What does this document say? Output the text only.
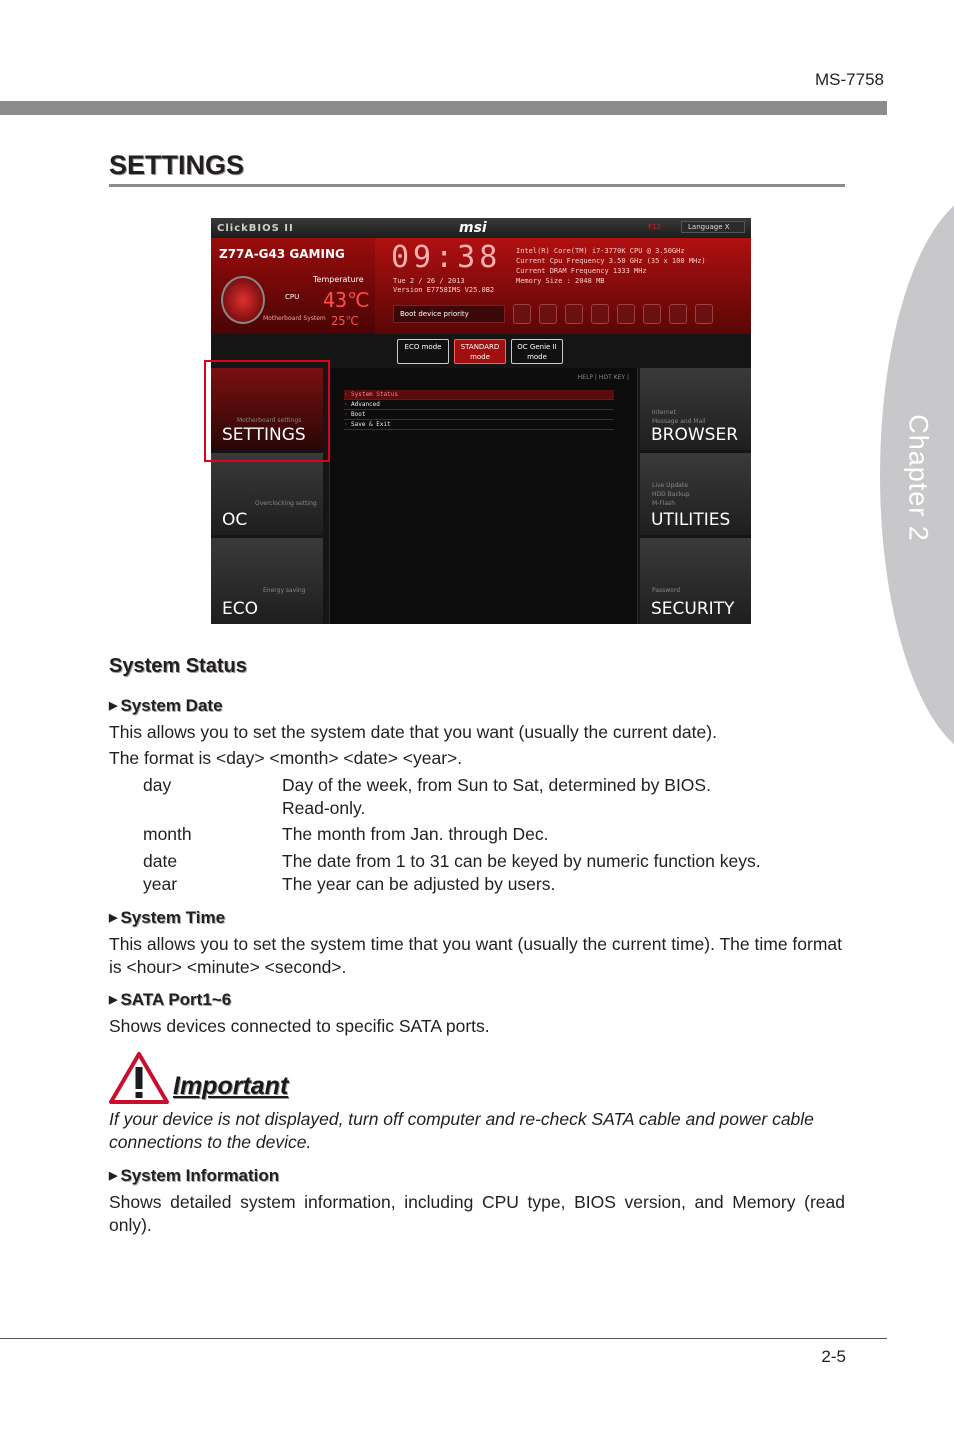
MS-7758
Chapter 2
SETTINGS
ClickBIOS II	msi	F12	Language X
Z77A-G43 GAMING
Temperature
CPU 43℃
25℃
Motherboard System
09:38
Tue 2 / 26 / 2013
Version E7758IMS V25.0B2
Intel(R) Core(TM) i7-3770K CPU @ 3.50GHz
Current Cpu Frequency 3.50 GHz (35 x 100 MHz)
Current DRAM Frequency 1333 MHz
Memory Size : 2048 MB
Boot device priority
ECO mode	STANDARD mode
OC Genie II mode
HELP | HOT KEY |
› System Status
› Advanced
› Boot
› Save & Exit
Motherboard settings
SETTINGS
Overclocking setting
OC
Energy saving
ECO
Internet
Message and Mail
BROWSER
Live Update
HDD Backup
M-Flash
UTILITIES
Password
SECURITY
System Status
▶ System Date
This allows you to set the system date that you want (usually the current date).
The format is <day> <month> <date> <year>.
day	Day of the week, from Sun to Sat, determined by BIOS.
Read-only.
month	The month from Jan. through Dec.
date	The date from 1 to 31 can be keyed by numeric function keys.
year	The year can be adjusted by users.
▶ System Time
This allows you to set the system time that you want (usually the current time). The time format is <hour> <minute> <second>.
▶ SATA Port1~6
Shows devices connected to specific SATA ports.
Important
If your device is not displayed, turn off computer and re-check SATA cable and power cable connections to the device.
▶ System Information
Shows detailed system information, including CPU type, BIOS version, and Memory (read only).
2-5
